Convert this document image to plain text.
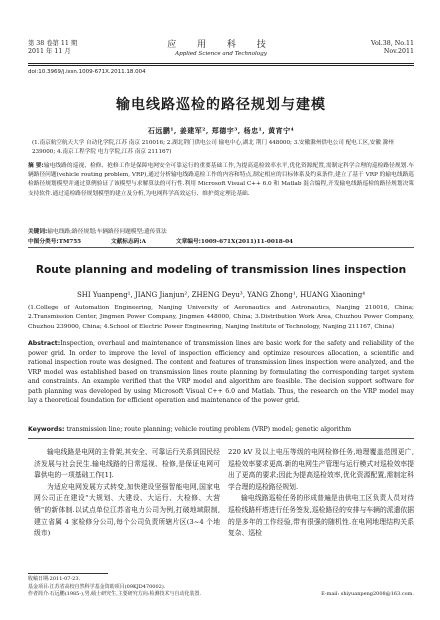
第 38 卷第 11 期
2011 年 11 月
应 用 科 技
Applied Science and Technology
Vol.38, No.11
Nov.2011
doi:10.3969/j.issn.1009-671X.2011.18.004
输电线路巡检的路径规划与建模
石远鹏¹, 姜建军², 郑德宇³, 杨忠¹, 黄宵宁⁴
(1.南京航空航天大学 自动化学院,江苏 南京 210016; 2.湖北荆门供电公司 输电中心,湖北 荆门 448000; 3.安徽滁州供电公司 配电工区,安徽 滁州 239000; 4.南京工程学院 电力学院,江苏 南京 211167)
摘 要:输电线路的巡视、检修、抢修工作是保障电网安全可靠运行的重要基础工作,为提高巡检效率水平,优化资源配置,需制定科学合理的巡检路径规划.车辆路径问题(vehicle routing problem, VRP),通过分析输电线路巡检工作的内容和特点,制定相应的目标体系及约束条件,建立了基于 VRP 的输电线路巡检路径规划模型并通过算例验证了该模型与求解算法的可行性.利用 Microsoft Visual C++ 6.0 和 Matlab 混合编程,开发输电线路巡检的路径规划决策支持软件.通过巡检路径规划模型的建立及分析,为电网科学高效运行、维护奠定理论基础.
关键词:输电线路;路径规划;车辆路径问题模型;遗传算法
中图分类号:TM755	文献标志码:A	文章编号:1009-671X(2011)11-0018-04
Route planning and modeling of transmission lines inspection
SHI Yuanpeng¹, JIANG Jianjun², ZHENG Deyu³, YANG Zhong¹, HUANG Xiaoning⁴
(1.College of Automation Engineering, Nanjing University of Aeronautics and Astronautics, Nanjing 210016, China; 2.Transmission Center, Jingmen Power Company, Jingmen 448000, China; 3.Distribution Work Area, Chuzhou Power Company, Chuzhou 239000, China; 4.School of Electric Power Engineering, Nanjing Institute of Technology, Nanjing 211167, China)
Abstract:Inspection, overhaul and maintenance of transmission lines are basic work for the safety and reliability of the power grid. In order to improve the level of inspection efficiency and optimize resources allocation, a scientific and rational inspection route was designed. The content and features of transmission lines inspection were analyzed, and the VRP model was established based on transmission lines route planning by formulating the corresponding target system and constraints. An example verified that the VRP model and algorithm are feasible. The decision support software for path planning was developed by using Microsoft Visual C++ 6.0 and Matlab. Thus, the research on the VRP model may lay a theoretical foundation for efficient operation and maintenance of the power grid.
Keywords: transmission line; route planning; vehicle routing problem (VRP) model; genetic algorithm

输电线路是电网的主骨架,其安全、可靠运行关系到国民经济发展与社会民生.输电线路的日常巡视、检修,是保证电网可靠供电的一项基础工作[1].

为适应电网发展方式转变,加快建设坚强智能电网,国家电网公司正在建设"大规划、大建设、大运行、大检修、大营销"的新体制.以试点单位江苏省电力公司为例,打破地域限制,建立省属 4 家检修分公司,每个公司负责所辖片区(3~4 个地级市)

220 kV 及以上电压等级的电网检修任务,地理覆盖范围更广,巡检效率要求更高.新的电网生产管理与运行模式对巡检效率提出了更高的要求;因此为提高巡检效率,优化资源配置,需制定科学合理的巡检路径规划.

输电线路巡检任务的形成普遍是由供电工区负责人员对待巡检线路杆塔进行任务签发,巡检路径的安排与车辆的派遣依据的是多年的工作经验,带有很强的随机性.在电网地理结构关系复杂、巡检

收稿日期:2011-07-23.
基金项目:江苏省高校自然科学基金资助项目(09KJD470002).
作者简介:石远鹏(1985-),男,硕士研究生,主要研究方向:检测技术与自动化装置.	E-mail: shiyuanpeng2008@163.com.
